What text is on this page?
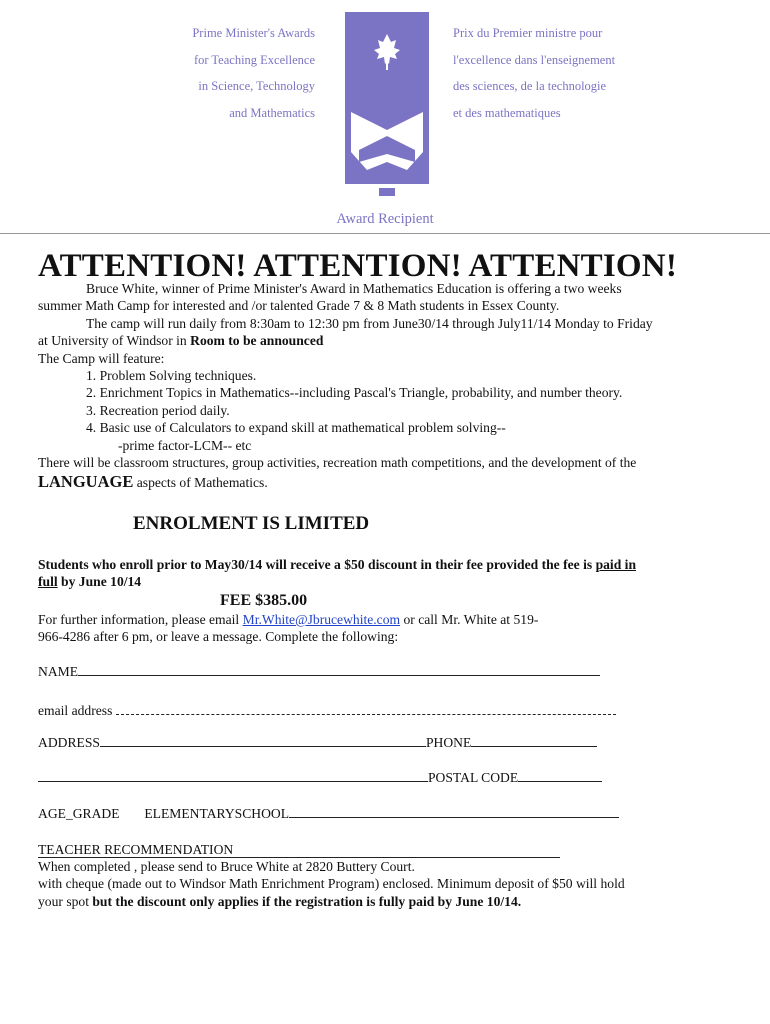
Prime Minister's Awards
for Teaching Excellence
in Science, Technology
and Mathematics
Prix du Premier ministre pour
l'excellence dans l'enseignement
des sciences, de la technologie
et des mathematiques
Award Recipient
ATTENTION! ATTENTION! ATTENTION!

Bruce White, winner of Prime Minister's Award in Mathematics Education is offering a two weeks

summer Math Camp for interested and /or talented Grade 7 & 8 Math students in Essex County.

The camp will run daily from 8:30am to 12:30 pm from June30/14 through July11/14 Monday to Friday

at University of Windsor in Room to be announced

The Camp will feature:

1. Problem Solving techniques.

2. Enrichment Topics in Mathematics--including Pascal's Triangle, probability, and number theory.

3. Recreation period daily.

4. Basic use of Calculators to expand skill at mathematical problem solving--

-prime factor-LCM-- etc

There will be classroom structures, group activities, recreation math competitions, and the development of the

LANGUAGE aspects of Mathematics.

ENROLMENT IS LIMITED
Students who enroll prior to May30/14 will receive a $50 discount in their fee provided the fee is paid in
full by June 10/14
FEE $385.00
For further information, please email Mr.White@Jbrucewhite.com or call Mr. White at 519-
966-4286 after 6 pm, or leave a message. Complete the following:
NAME
email address
ADDRESS	PHONE
POSTAL CODE
AGE_GRADE ELEMENTARYSCHOOL
TEACHER RECOMMENDATION
When completed , please send to Bruce White at 2820 Buttery Court.
with cheque (made out to Windsor Math Enrichment Program) enclosed. Minimum deposit of $50 will hold
your spot but the discount only applies if the registration is fully paid by June 10/14.
